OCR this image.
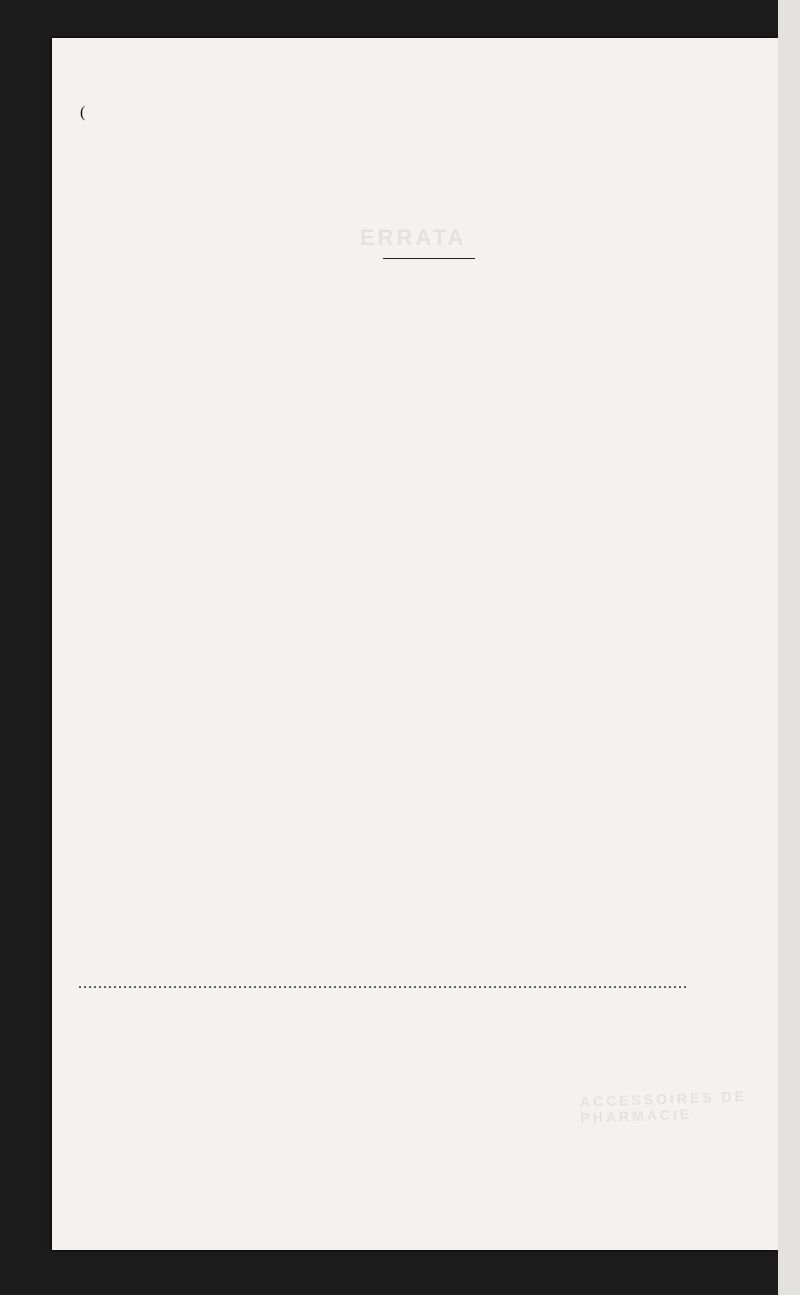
ERRATA
ACCESSOIRES DE PHARMACIE
(
.....
